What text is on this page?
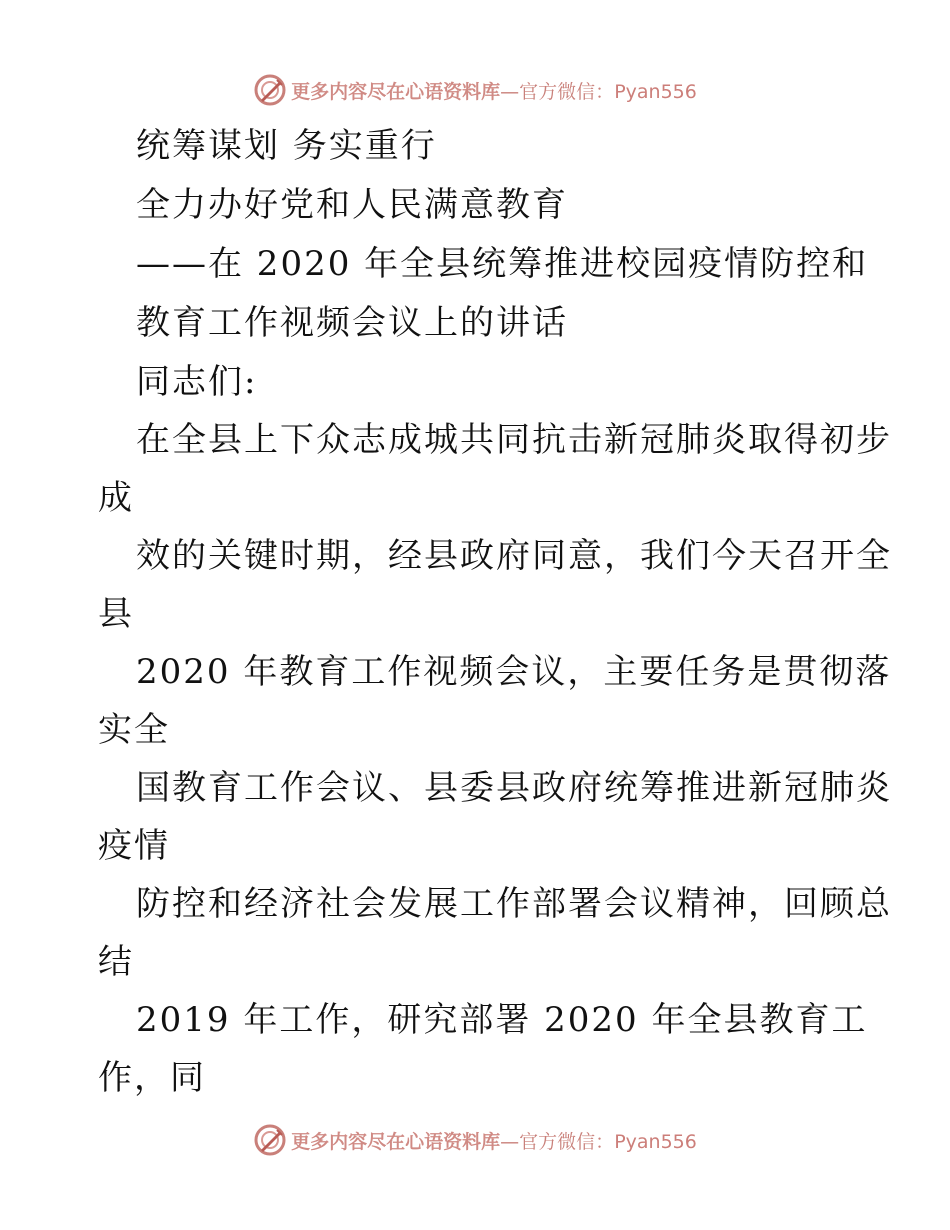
更多内容尽在心语资料库—官方微信：Pyan556
统筹谋划 务实重行
全力办好党和人民满意教育
——在 2020 年全县统筹推进校园疫情防控和
教育工作视频会议上的讲话
同志们:
在全县上下众志成城共同抗击新冠肺炎取得初步
成
效的关键时期，经县政府同意，我们今天召开全
县
2020 年教育工作视频会议，主要任务是贯彻落
实全
国教育工作会议、县委县政府统筹推进新冠肺炎
疫情
防控和经济社会发展工作部署会议精神，回顾总
结
2019 年工作，研究部署 2020 年全县教育工
作，同
更多内容尽在心语资料库—官方微信：Pyan556
